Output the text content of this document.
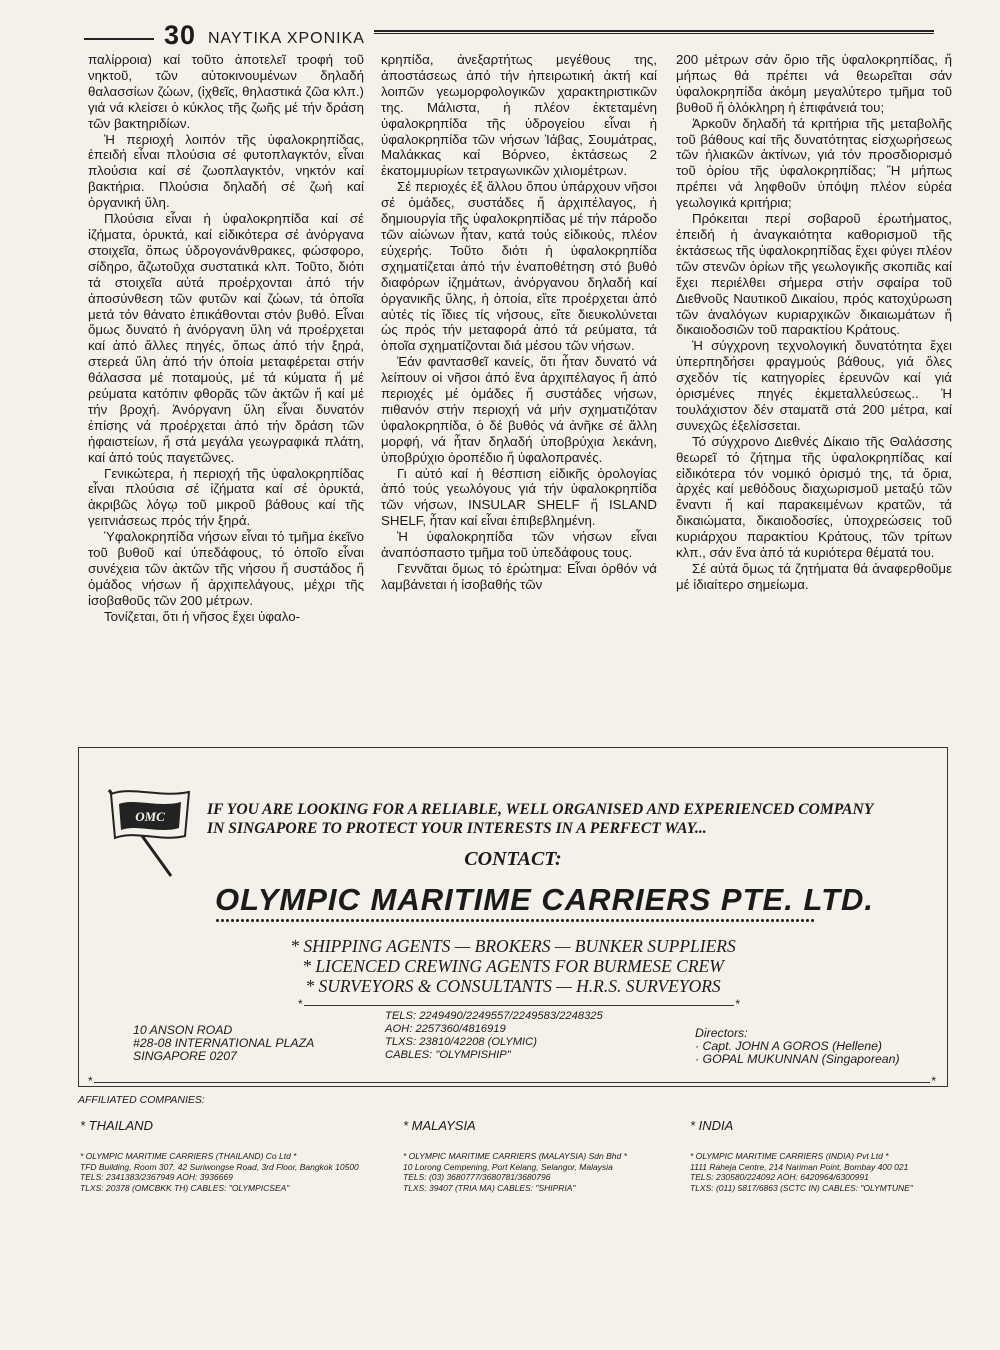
30 ΝΑΥΤΙΚΑ ΧΡΟΝΙΚΑ

παλίρροια) καί τοῦτο ἀποτελεῖ τροφή τοῦ νηκτοῦ, τῶν αὐτοκινουμένων δηλαδή θαλασσίων ζώων, (ἰχθεῖς, θηλαστικά ζῶα κλπ.) γιά νά κλείσει ὁ κύκλος τῆς ζωῆς μέ τήν δράση τῶν βακτηριδίων.

Ἡ περιοχή λοιπόν τῆς ὑφαλοκρηπίδας, ἐπειδή εἶναι πλούσια σέ φυτοπλαγκτόν, εἶναι πλούσια καί σέ ζωοπλαγκτόν, νηκτόν καί βακτήρια. Πλούσια δηλαδή σέ ζωή καί ὀργανική ὕλη.

Πλούσια εἶναι ἡ ὑφαλοκρηπίδα καί σέ ἰζήματα, ὀρυκτά, καί εἰδικότερα σέ ἀνόργανα στοιχεῖα, ὅπως ὑδρογονάνθρακες, φώσφορο, σίδηρο, ἄζωτοῦχα συστατικά κλπ. Τοῦτο, διότι τά στοιχεῖα αὐτά προέρχονται ἀπό τήν ἀποσύνθεση τῶν φυτῶν καί ζώων, τά ὁποῖα μετά τόν θάνατο ἐπικάθονται στόν βυθό. Εἶναι ὅμως δυνατό ἡ ἀνόργανη ὕλη νά προέρχεται καί ἀπό ἄλλες πηγές, ὅπως ἀπό τήν ξηρά, στερεά ὕλη ἀπό τήν ὁποία μεταφέρεται στήν θάλασσα μέ ποταμούς, μέ τά κύματα ἤ μέ ρεύματα κατόπιν φθορᾶς τῶν ἀκτῶν ἤ καί μέ τήν βροχή. Ἀνόργανη ὕλη εἶναι δυνατόν ἐπίσης νά προέρχεται ἀπό τήν δράση τῶν ἡφαιστείων, ἤ στά μεγάλα γεωγραφικά πλάτη, καί ἀπό τούς παγετῶνες.

Γενικώτερα, ἡ περιοχή τῆς ὑφαλοκρηπίδας εἶναι πλούσια σέ ἰζήματα καί σέ ὀρυκτά, ἀκριβῶς λόγῳ τοῦ μικροῦ βάθους καί τῆς γειτνιάσεως πρός τήν ξηρά.

Ὑφαλοκρηπίδα νήσων εἶναι τό τμῆμα ἐκεῖνο τοῦ βυθοῦ καί ὑπεδάφους, τό ὁποῖο εἶναι συνέχεια τῶν ἀκτῶν τῆς νήσου ἤ συστάδος ἤ ὁμάδος νήσων ἤ ἀρχιπελάγους, μέχρι τῆς ἰσοβαθοῦς τῶν 200 μέτρων.

Τονίζεται, ὅτι ἡ νῆσος ἔχει ὑφαλο-

κρηπίδα, ἀνεξαρτήτως μεγέθους της, ἀποστάσεως ἀπό τήν ἠπειρωτική ἀκτή καί λοιπῶν γεωμορφολογικῶν χαρακτηριστικῶν της. Μάλιστα, ἡ πλέον ἐκτεταμένη ὑφαλοκρηπίδα τῆς ὑδρογείου εἶναι ἡ ὑφαλοκρηπίδα τῶν νήσων Ἰάβας, Σουμάτρας, Μαλάκκας καί Βόρνεο, ἐκτάσεως 2 ἑκατομμυρίων τετραγωνικῶν χιλιομέτρων.

Σέ περιοχές ἐξ ἄλλου ὅπου ὑπάρχουν νῆσοι σέ ὁμάδες, συστάδες ἤ ἀρχιπέλαγος, ἡ δημιουργία τῆς ὑφαλοκρηπίδας μέ τήν πάροδο τῶν αἰώνων ἦταν, κατά τούς εἰδικούς, πλέον εὐχερής. Τοῦτο διότι ἡ ὑφαλοκρηπίδα σχηματίζεται ἀπό τήν ἐναποθέτηση στό βυθό διαφόρων ἰζημάτων, ἀνόργανου δηλαδή καί ὀργανικῆς ὕλης, ἡ ὁποία, εἴτε προέρχεται ἀπό αὐτές τίς ἴδιες τίς νήσους, εἴτε διευκολύνεται ὡς πρός τήν μεταφορά ἀπό τά ρεύματα, τά ὁποῖα σχηματίζονται διά μέσου τῶν νήσων.

Ἐάν φαντασθεῖ κανείς, ὅτι ἦταν δυνατό νά λείπουν οἱ νῆσοι ἀπό ἕνα ἀρχιπέλαγος ἤ ἀπό περιοχές μέ ὁμάδες ἤ συστάδες νήσων, πιθανόν στήν περιοχή νά μήν σχηματιζόταν ὑφαλοκρηπίδα, ὁ δέ βυθός νά ἀνῆκε σέ ἄλλη μορφή, νά ἦταν δηλαδή ὑποβρύχια λεκάνη, ὑποβρύχιο ὀροπέδιο ἤ ὑφαλοπρανές.

Γι αὐτό καί ἡ θέσπιση εἰδικῆς ὁρολογίας ἀπό τούς γεωλόγους γιά τήν ὑφαλοκρηπίδα τῶν νήσων, INSULAR SHELF ἤ ISLAND SHELF, ἦταν καί εἶναι ἐπιβεβλημένη.

Ἡ ὑφαλοκρηπίδα τῶν νήσων εἶναι ἀναπόσπαστο τμῆμα τοῦ ὑπεδάφους τους.

Γεννᾶται ὅμως τό ἐρώτημα: Εἶναι ὀρθόν νά λαμβάνεται ἡ ἰσοβαθής τῶν

200 μέτρων σάν ὅριο τῆς ὑφαλοκρηπίδας, ἤ μήπως θά πρέπει νά θεωρεῖται σάν ὑφαλοκρηπίδα ἀκόμη μεγαλύτερο τμῆμα τοῦ βυθοῦ ἤ ὁλόκληρη ἡ ἐπιφάνειά του;

Ἀρκοῦν δηλαδή τά κριτήρια τῆς μεταβολῆς τοῦ βάθους καί τῆς δυνατότητας εἰσχωρήσεως τῶν ἡλιακῶν ἀκτίνων, γιά τόν προσδιορισμό τοῦ ὁρίου τῆς ὑφαλοκρηπίδας; Ἤ μήπως πρέπει νά ληφθοῦν ὑπόψη πλέον εὐρέα γεωλογικά κριτήρια;

Πρόκειται περί σοβαροῦ ἐρωτήματος, ἐπειδή ἡ ἀναγκαιότητα καθορισμοῦ τῆς ἐκτάσεως τῆς ὑφαλοκρηπίδας ἔχει φύγει πλέον τῶν στενῶν ὁρίων τῆς γεωλογικῆς σκοπιᾶς καί ἔχει περιέλθει σήμερα στήν σφαίρα τοῦ Διεθνοῦς Ναυτικοῦ Δικαίου, πρός κατοχύρωση τῶν ἀναλόγων κυριαρχικῶν δικαιωμάτων ἤ δικαιοδοσιῶν τοῦ παρακτίου Κράτους.

Ἡ σύγχρονη τεχνολογική δυνατότητα ἔχει ὑπερπηδήσει φραγμούς βάθους, γιά ὅλες σχεδόν τίς κατηγορίες ἐρευνῶν καί γιά ὁρισμένες πηγές ἐκμεταλλεύσεως.. Ἡ τουλάχιστον δέν σταματᾶ στά 200 μέτρα, καί συνεχῶς ἐξελίσσεται.

Τό σύγχρονο Διεθνές Δίκαιο τῆς Θαλάσσης θεωρεῖ τό ζήτημα τῆς ὑφαλοκρηπίδας καί εἰδικότερα τόν νομικό ὁρισμό της, τά ὅρια, ἀρχές καί μεθόδους διαχωρισμοῦ μεταξύ τῶν ἔναντι ἤ καί παρακειμένων κρατῶν, τά δικαιώματα, δικαιοδοσίες, ὑποχρεώσεις τοῦ κυριάρχου παρακτίου Κράτους, τῶν τρίτων κλπ., σάν ἕνα ἀπό τά κυριότερα θέματά του.

Σέ αὐτά ὅμως τά ζητήματα θά ἀναφερθοῦμε μέ ἰδιαίτερο σημείωμα.

OMC	IF YOU ARE LOOKING FOR A RELIABLE, WELL ORGANISED AND EXPERIENCED COMPANY
IN SINGAPORE TO PROTECT YOUR INTERESTS IN A PERFECT WAY...
CONTACT:
OLYMPIC MARITIME CARRIERS PTE. LTD.
* SHIPPING AGENTS — BROKERS — BUNKER SUPPLIERS
* LICENCED CREWING AGENTS FOR BURMESE CREW
* SURVEYORS & CONSULTANTS — H.R.S. SURVEYORS
* *
TELS: 2249490/2249557/2249583/2248325
AOH: 2257360/4816919
TLXS: 23810/42208 (OLYMIC)
CABLES: "OLYMPISHIP"
10 ANSON ROAD
#28-08 INTERNATIONAL PLAZA
SINGAPORE 0207
Directors:
· Capt. JOHN A GOROS (Hellene)
· GOPAL MUKUNNAN (Singaporean)
* *
AFFILIATED COMPANIES:
* THAILAND
* OLYMPIC MARITIME CARRIERS (THAILAND) Co Ltd *
TFD Building, Room 307, 42 Suriwongse Road, 3rd Floor, Bangkok 10500
TELS: 2341383/2367949 AOH: 3936669
TLXS: 20378 (OMCBKK TH) CABLES: "OLYMPICSEA"
* MALAYSIA
* OLYMPIC MARITIME CARRIERS (MALAYSIA) Sdn Bhd *
10 Lorong Cempening, Port Kelang, Selangor, Malaysia
TELS: (03) 3680777/3680781/3680796
TLXS: 39407 (TRIA MA) CABLES: "SHIPRIA"
* INDIA
* OLYMPIC MARITIME CARRIERS (INDIA) Pvt Ltd *
1111 Raheja Centre, 214 Nariman Point, Bombay 400 021
TELS: 230580/224092 AOH: 6420964/6300991
TLXS: (011) 5817/6863 (SCTC IN) CABLES: "OLYMTUNE"
